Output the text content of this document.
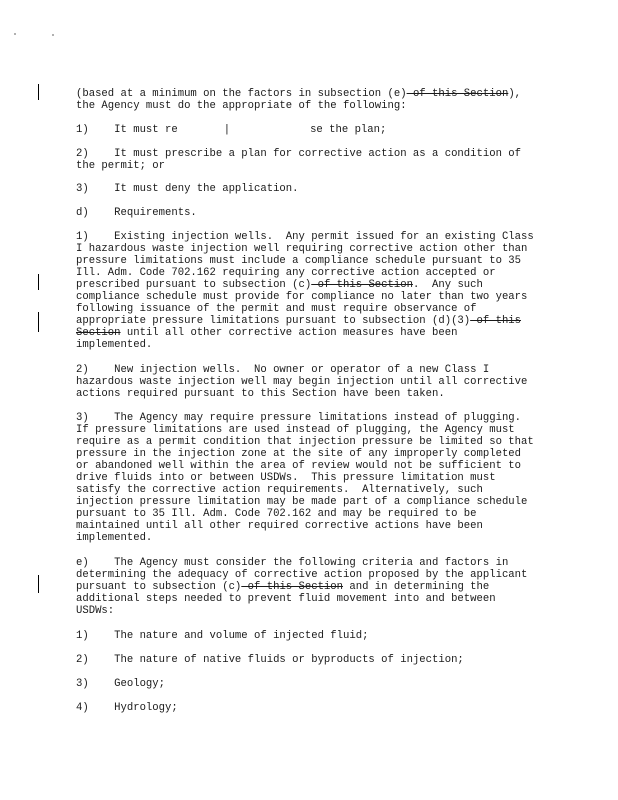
(based at a minimum on the factors in subsection (e) of this Section),
the Agency must do the appropriate of the following:
1)    It must re	|	se the plan;
2)    It must prescribe a plan for corrective action as a condition of
the permit; or
3)    It must deny the application.
d)    Requirements.
1)    Existing injection wells.  Any permit issued for an existing Class
I hazardous waste injection well requiring corrective action other than
pressure limitations must include a compliance schedule pursuant to 35
Ill. Adm. Code 702.162 requiring any corrective action accepted or
prescribed pursuant to subsection (c) of this Section.  Any such
compliance schedule must provide for compliance no later than two years
following issuance of the permit and must require observance of
appropriate pressure limitations pursuant to subsection (d)(3) of this
Section until all other corrective action measures have been
implemented.
2)    New injection wells.  No owner or operator of a new Class I
hazardous waste injection well may begin injection until all corrective
actions required pursuant to this Section have been taken.
3)    The Agency may require pressure limitations instead of plugging.
If pressure limitations are used instead of plugging, the Agency must
require as a permit condition that injection pressure be limited so that
pressure in the injection zone at the site of any improperly completed
or abandoned well within the area of review would not be sufficient to
drive fluids into or between USDWs.  This pressure limitation must
satisfy the corrective action requirements.  Alternatively, such
injection pressure limitation may be made part of a compliance schedule
pursuant to 35 Ill. Adm. Code 702.162 and may be required to be
maintained until all other required corrective actions have been
implemented.
e)    The Agency must consider the following criteria and factors in
determining the adequacy of corrective action proposed by the applicant
pursuant to subsection (c) of this Section and in determining the
additional steps needed to prevent fluid movement into and between
USDWs:
1)    The nature and volume of injected fluid;
2)    The nature of native fluids or byproducts of injection;
3)    Geology;
4)    Hydrology;
